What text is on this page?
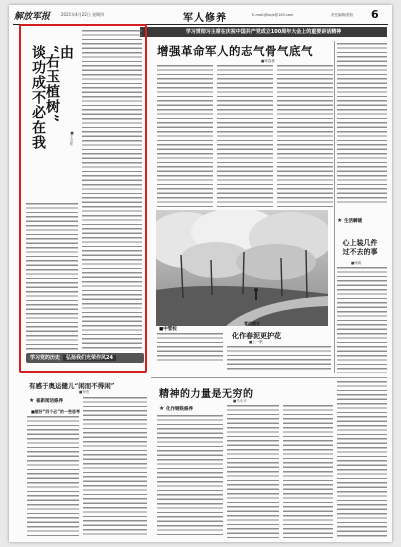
解放军报	2021年4月22日 星期四	军人修养	E-mail:jfjbxjx@163.com	责任编辑/张阳 6
学习贯彻习主席在庆祝中国共产党成立100周年大会上的重要讲话精神
由
“右玉植树”
谈功成不必在我	■王文松
学习党的历史 弘扬我们光荣作风24
增强革命军人的志气骨气底气
■杨春林
■中管校
青风微言
化作春泥更护花
■上一帆
★ 生活瞬镜
心上装几件
过不去的事
■杨威
有感于奥运健儿“闲而不得闲”
■李杰
★ 崔新闻话修养
■做好“四个必”的一些思考
精神的力量是无穷的
■马永平
★ 化作钢铁修养
